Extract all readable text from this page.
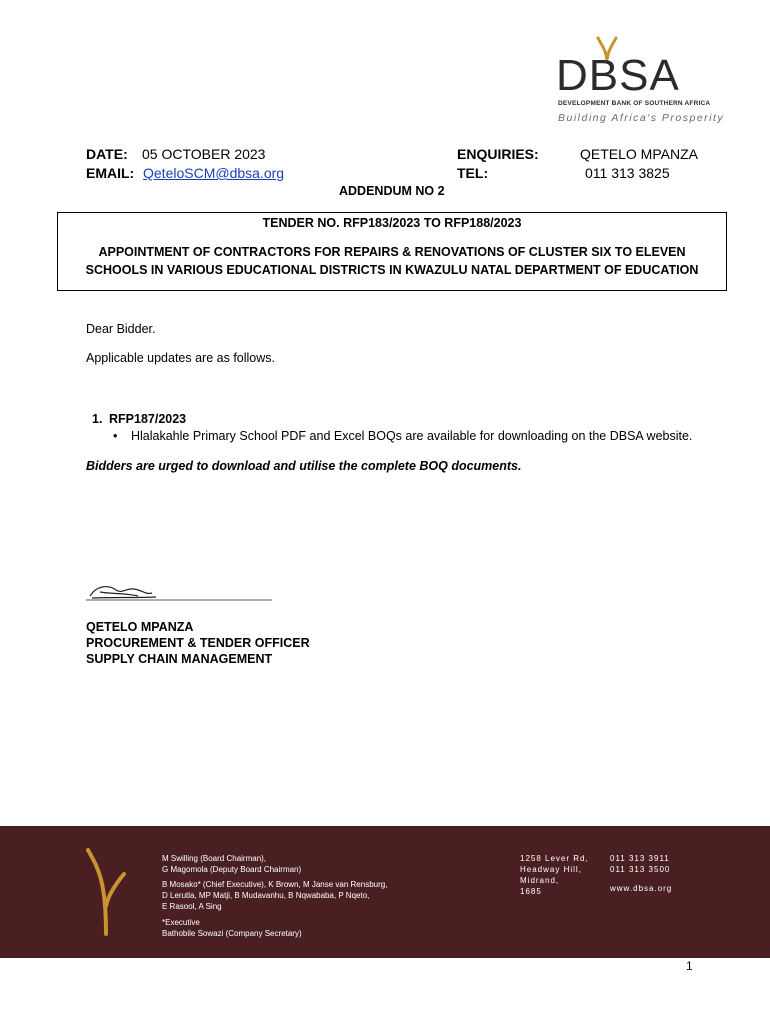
DBSA
DEVELOPMENT BANK OF SOUTHERN AFRICA
Building Africa's Prosperity
DATE: 05 OCTOBER 2023
EMAIL: QeteloSCM@dbsa.org
ENQUIRIES:	QETELO MPANZA
TEL:	011 313 3825
ADDENDUM NO 2
TENDER NO. RFP183/2023 TO RFP188/2023
APPOINTMENT OF CONTRACTORS FOR REPAIRS & RENOVATIONS OF CLUSTER SIX TO ELEVEN
SCHOOLS IN VARIOUS EDUCATIONAL DISTRICTS IN KWAZULU NATAL DEPARTMENT OF EDUCATION
Dear Bidder.
Applicable updates are as follows.
1. RFP187/2023
• Hlalakahle Primary School PDF and Excel BOQs are available for downloading on the DBSA website.
Bidders are urged to download and utilise the complete BOQ documents.
QETELO MPANZA
PROCUREMENT & TENDER OFFICER
SUPPLY CHAIN MANAGEMENT
M Swilling (Board Chairman),
G Magomola (Deputy Board Chairman)
B Mosako* (Chief Executive), K Brown, M Janse van Rensburg,
D Lerutla, MP Matji, B Mudavanhu, B Nqwababa, P Nqeto,
E Rasool, A Sing
*Executive
Bathobile Sowazi (Company Secretary)
1258 Lever Rd,
Headway Hill,
Midrand,
1685
011 313 3911
011 313 3500
www.dbsa.org
1
